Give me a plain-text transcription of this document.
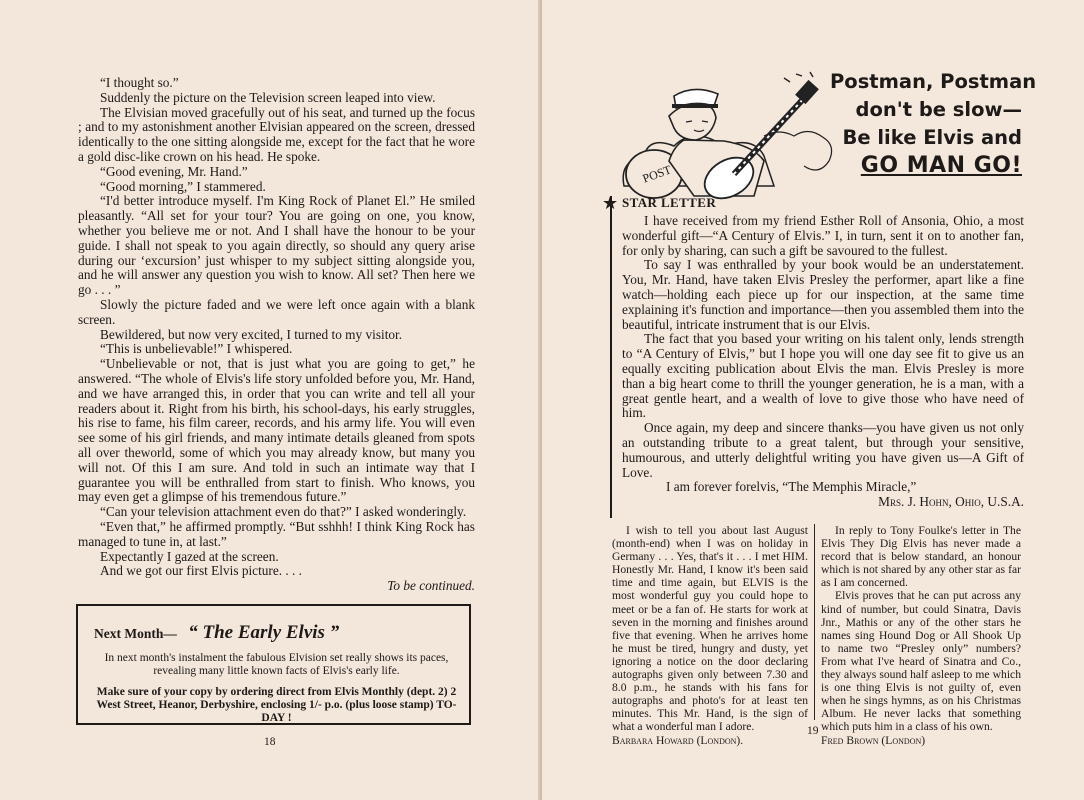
“I thought so.”

Suddenly the picture on the Television screen leaped into view.

The Elvisian moved gracefully out of his seat, and turned up the focus ; and to my astonishment another Elvisian appeared on the screen, dressed identically to the one sitting alongside me, except for the fact that he wore a gold disc-like crown on his head. He spoke.

“Good evening, Mr. Hand.”

“Good morning,” I stammered.

“I'd better introduce myself. I'm King Rock of Planet El.” He smiled pleasantly. “All set for your tour? You are going on one, you know, whether you believe me or not. And I shall have the honour to be your guide. I shall not speak to you again directly, so should any query arise during our ‘excursion’ just whisper to my subject sitting alongside you, and he will answer any question you wish to know. All set? Then here we go . . . ”

Slowly the picture faded and we were left once again with a blank screen.

Bewildered, but now very excited, I turned to my visitor.

“This is unbelievable!” I whispered.

“Unbelievable or not, that is just what you are going to get,” he answered. “The whole of Elvis's life story unfolded before you, Mr. Hand, and we have arranged this, in order that you can write and tell all your readers about it. Right from his birth, his school-days, his early struggles, his rise to fame, his film career, records, and his army life. You will even see some of his girl friends, and many intimate details gleaned from spots all over theworld, some of which you may already know, but many you will not. Of this I am sure. And told in such an intimate way that I guarantee you will be enthralled from start to finish. Who knows, you may even get a glimpse of his tremendous future.”

“Can your television attachment even do that?” I asked wonderingly.

“Even that,” he affirmed promptly. “But sshhh! I think King Rock has managed to tune in, at last.”

Expectantly I gazed at the screen.

And we got our first Elvis picture. . . .

To be continued.

Next Month— “ The Early Elvis ”

In next month's instalment the fabulous Elvision set really shows its paces, revealing many little known facts of Elvis's early life.

Make sure of your copy by ordering direct from Elvis Monthly (dept. 2) 2 West Street, Heanor, Derbyshire, enclosing 1/- p.o. (plus loose stamp) TO-DAY !
18
POST
Postman, Postman
don't be slow—
Be like Elvis and
GO MAN GO!
★ STAR LETTER

I have received from my friend Esther Roll of Ansonia, Ohio, a most wonderful gift—“A Century of Elvis.” I, in turn, sent it on to another fan, for only by sharing, can such a gift be savoured to the fullest.

To say I was enthralled by your book would be an understatement. You, Mr. Hand, have taken Elvis Presley the performer, apart like a fine watch—holding each piece up for our inspection, at the same time explaining it's function and importance—then you assembled them into the beautiful, intricate instrument that is our Elvis.

The fact that you based your writing on his talent only, lends strength to “A Century of Elvis,” but I hope you will one day see fit to give us an equally exciting publication about Elvis the man. Elvis Presley is more than a big heart come to thrill the younger generation, he is a man, with a great gentle heart, and a wealth of love to give those who have need of him.

Once again, my deep and sincere thanks—you have given us not only an outstanding tribute to a great talent, but through your sensitive, humourous, and utterly delightful writing you have given us—A Gift of Love.

I am forever forelvis, “The Memphis Miracle,”

Mrs. J. Hohn, Ohio, U.S.A.

I wish to tell you about last August (month-end) when I was on holiday in Germany . . . Yes, that's it . . . I met HIM. Honestly Mr. Hand, I know it's been said time and time again, but ELVIS is the most wonderful guy you could hope to meet or be a fan of. He starts for work at seven in the morning and finishes around five that evening. When he arrives home he must be tired, hungry and dusty, yet ignoring a notice on the door declaring autographs given only between 7.30 and 8.0 p.m., he stands with his fans for autographs and photo's for at least ten minutes. This Mr. Hand, is the sign of what a wonderful man I adore.

Barbara Howard (London).

In reply to Tony Foulke's letter in The Elvis They Dig Elvis has never made a record that is below standard, an honour which is not shared by any other star as far as I am concerned.

Elvis proves that he can put across any kind of number, but could Sinatra, Davis Jnr., Mathis or any of the other stars he names sing Hound Dog or All Shook Up to name two “Presley only” numbers? From what I've heard of Sinatra and Co., they always sound half asleep to me which is one thing Elvis is not guilty of, even when he sings hymns, as on his Christmas Album. He never lacks that something which puts him in a class of his own.

Fred Brown (London)

19
